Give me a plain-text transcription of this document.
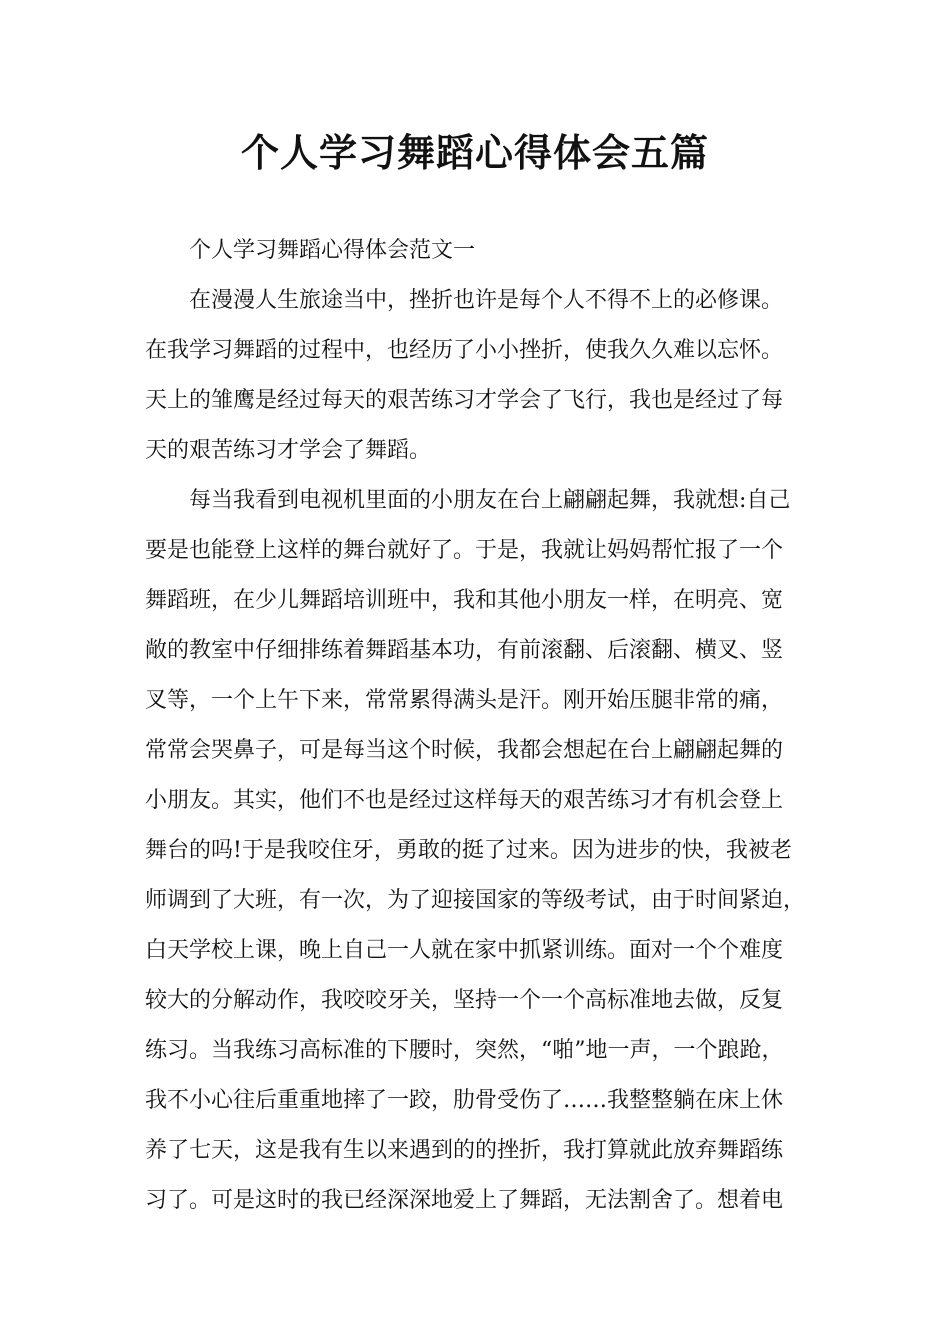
个人学习舞蹈心得体会五篇
个人学习舞蹈心得体会范文一
在漫漫人生旅途当中，挫折也许是每个人不得不上的必修课。
在我学习舞蹈的过程中，也经历了小小挫折，使我久久难以忘怀。
天上的雏鹰是经过每天的艰苦练习才学会了飞行，我也是经过了每
天的艰苦练习才学会了舞蹈。
每当我看到电视机里面的小朋友在台上翩翩起舞，我就想:自己
要是也能登上这样的舞台就好了。于是，我就让妈妈帮忙报了一个
舞蹈班，在少儿舞蹈培训班中，我和其他小朋友一样，在明亮、宽
敞的教室中仔细排练着舞蹈基本功，有前滚翻、后滚翻、横叉、竖
叉等，一个上午下来，常常累得满头是汗。刚开始压腿非常的痛，
常常会哭鼻子，可是每当这个时候，我都会想起在台上翩翩起舞的
小朋友。其实，他们不也是经过这样每天的艰苦练习才有机会登上
舞台的吗!于是我咬住牙，勇敢的挺了过来。因为进步的快，我被老
师调到了大班，有一次，为了迎接国家的等级考试，由于时间紧迫，
白天学校上课，晚上自己一人就在家中抓紧训练。面对一个个难度
较大的分解动作，我咬咬牙关，坚持一个一个高标准地去做，反复
练习。当我练习高标准的下腰时，突然，“啪”地一声，一个踉跄，
我不小心往后重重地摔了一跤，肋骨受伤了……我整整躺在床上休
养了七天，这是我有生以来遇到的的挫折，我打算就此放弃舞蹈练
习了。可是这时的我已经深深地爱上了舞蹈，无法割舍了。想着电
